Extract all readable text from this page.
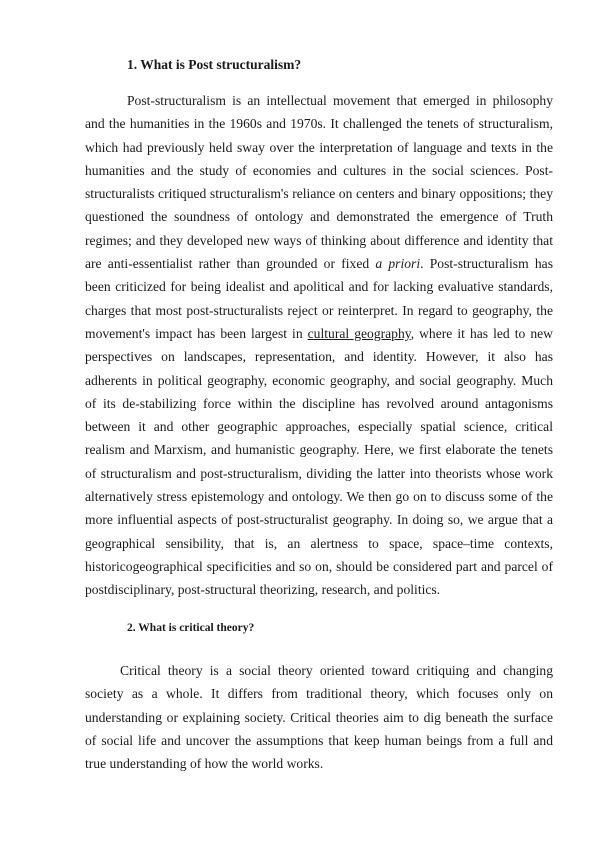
1. What is Post structuralism?

Post-structuralism is an intellectual movement that emerged in philosophy and the humanities in the 1960s and 1970s. It challenged the tenets of structuralism, which had previously held sway over the interpretation of language and texts in the humanities and the study of economies and cultures in the social sciences. Post-structuralists critiqued structuralism's reliance on centers and binary oppositions; they questioned the soundness of ontology and demonstrated the emergence of Truth regimes; and they developed new ways of thinking about difference and identity that are anti-essentialist rather than grounded or fixed a priori. Post-structuralism has been criticized for being idealist and apolitical and for lacking evaluative standards, charges that most post-structuralists reject or reinterpret. In regard to geography, the movement's impact has been largest in cultural geography, where it has led to new perspectives on landscapes, representation, and identity. However, it also has adherents in political geography, economic geography, and social geography. Much of its de-stabilizing force within the discipline has revolved around antagonisms between it and other geographic approaches, especially spatial science, critical realism and Marxism, and humanistic geography. Here, we first elaborate the tenets of structuralism and post-structuralism, dividing the latter into theorists whose work alternatively stress epistemology and ontology. We then go on to discuss some of the more influential aspects of post-structuralist geography. In doing so, we argue that a geographical sensibility, that is, an alertness to space, space–time contexts, historicogeographical specificities and so on, should be considered part and parcel of postdisciplinary, post-structural theorizing, research, and politics.

2. What is critical theory?

Critical theory is a social theory oriented toward critiquing and changing society as a whole. It differs from traditional theory, which focuses only on understanding or explaining society. Critical theories aim to dig beneath the surface of social life and uncover the assumptions that keep human beings from a full and true understanding of how the world works.
